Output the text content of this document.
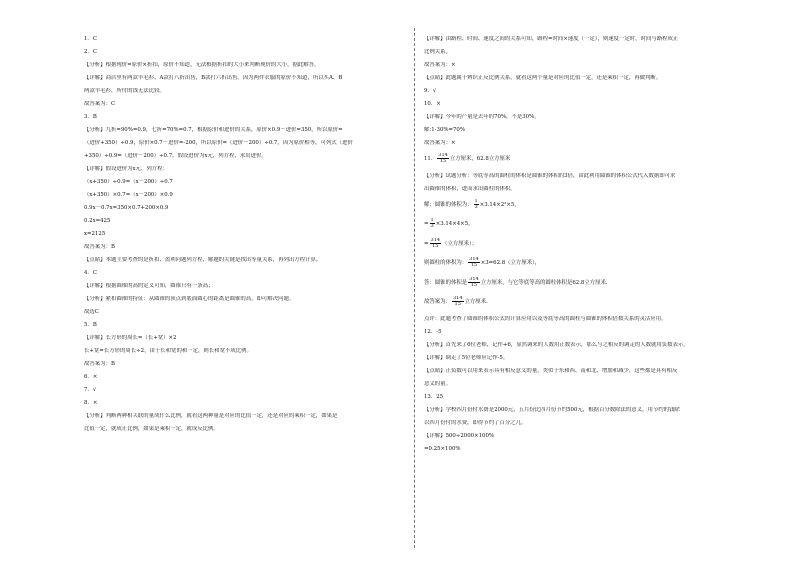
1．C
2．C
【分析】根据现价=原价×折扣，原价不知道，无法根据折扣的大小来判断现价的大小，据此解答。
【详解】商店里有两款羊毛衫，A款打八折出售，B款打六折出售。因为两件衣服的原价不知道，所以买A、B
两款羊毛衫，所付的钱无法比较。
故答案为：C
3．B
【分析】九折=90%=0.9，七折=70%=0.7，根据原价和进价的关系，原价×0.9－进价=350，所以原价=
（进价+350）÷0.9，原价×0.7－进价=-200，所以原价=（进价－200）÷0.7，因为原价相等，可列式（进价
+350）÷0.9=（进价－200）÷0.7，假设进价为x元，列方程，求出进价。
【详解】假设进价为x元，列方程：
（x+350）÷0.9=（x－200）÷0.7
（x+350）×0.7=（x－200）×0.9
0.9x－0.7x=350×0.7+200×0.9
0.2x=425
x=2125
故答案为：B
【点睛】本题主要考查的是折扣、盈利问题列方程，解题的关键是找出等量关系，再列出方程计算。
4．C
【详解】根据圆锥的高的定义可知，圆锥只有一条高；
【分析】紧扣圆锥的特征：从圆锥的顶点到底面圆心的距离是圆锥的高，即可解决问题。
故选C
5．B
【详解】长方形的周长=（长+宽）×2
长+宽=长方形的周长÷2，由于长和宽的和一定，则长和宽不成比例。
故答案为：B
6．×
7．√
8．×
【分析】判断两种相关联的量成什么比例，就看这两种量是对应的比值一定，还是对应的乘积一定，如果是
比值一定，就成正比例，如果是乘积一定，就成反比例。
【详解】由路程、时间、速度之间的关系可知，路程=时间×速度（一定），则速度一定时，时间与路程成正
比例关系。
故答案为：×
【点睛】此题属于辨识正反比例关系，就看这两个量是对应的比值一定，还是乘积一定，再做判断。
9．√
10．×
【详解】今年的产量是去年的70%，不是30%。
解:1-30%=70%
故答案为：×
11． $\frac{314}{15}$ 立方厘米，62.8立方厘米
【分析】试题分析：等底等高的圆柱的体积是圆锥的体积的3倍，由此利用圆锥的体积公式代入数据即可求
出圆锥的体积，进而求出圆柱的体积。
解：圆锥的体积为： $\frac{1}{3} \times 3.14\times 2^2\times 5$，
= $\frac{1}{3} \times 3.14\times 4\times 5$，
= $\frac{314}{15}$ （立方厘米）；
则圆柱的体积为： $\frac{314}{15} \times 3=62.8$（立方厘米），
答：圆锥的体积是 $\frac{314}{15}$ 立方厘米，与它等底等高的圆柱体积是62.8立方厘米.
故答案为： $\frac{314}{15}$ 立方厘米.
点评：此题考查了圆锥的体积公式的计算应用以及等底等高的圆柱与圆锥的体积倍数关系的灵活应用。
12．-5
【分析】首先来了6位老师，记作+6，显然调来的人数用正数表示，那么与之相反的调走的人数就用负数表示。
【详解】调走了5位老师应记作-5。
【点睛】正负数可以用来表示具有相反意义的量，类似于东和西、南和北、增加和减少，这些都是具有相反
意义的量。
13．25
【分析】学校四月份付水费是2000元，五月份比四月份节约500元，根据百分数除法的意义，用节约的钱除
以四月份付的水费，即得节约了百分之几。
【详解】500÷2000×100%
=0.25×100%
